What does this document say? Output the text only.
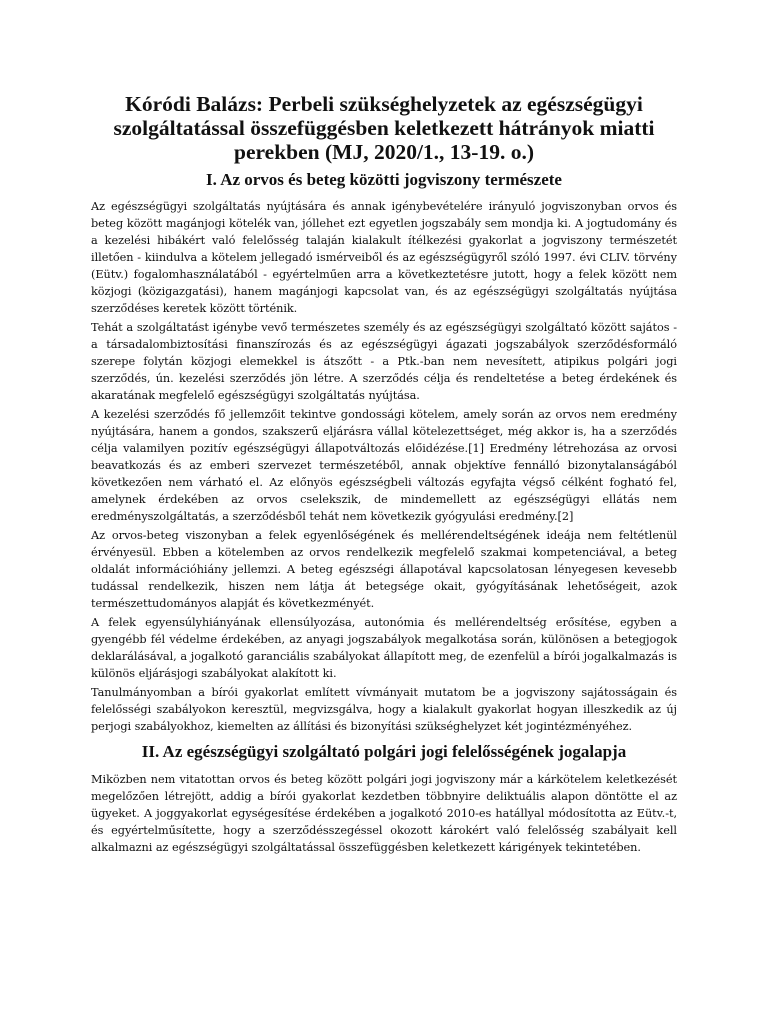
Kóródi Balázs: Perbeli szükséghelyzetek az egészségügyi szolgáltatással összefüggésben keletkezett hátrányok miatti perekben (MJ, 2020/1., 13-19. o.)
I. Az orvos és beteg közötti jogviszony természete

Az egészségügyi szolgáltatás nyújtására és annak igénybevételére irányuló jogviszonyban orvos és beteg között magánjogi kötelék van, jóllehet ezt egyetlen jogszabály sem mondja ki. A jogtudomány és a kezelési hibákért való felelősség talaján kialakult ítélkezési gyakorlat a jogviszony természetét illetően - kiindulva a kötelem jellegadó ismérveiből és az egészségügyről szóló 1997. évi CLIV. törvény (Eütv.) fogalomhasználatából - egyértelműen arra a következtetésre jutott, hogy a felek között nem közjogi (közigazgatási), hanem magánjogi kapcsolat van, és az egészségügyi szolgáltatás nyújtása szerződéses keretek között történik.

Tehát a szolgáltatást igénybe vevő természetes személy és az egészségügyi szolgáltató között sajátos - a társadalombiztosítási finanszírozás és az egészségügyi ágazati jogszabályok szerződésformáló szerepe folytán közjogi elemekkel is átszőtt - a Ptk.-ban nem nevesített, atipikus polgári jogi szerződés, ún. kezelési szerződés jön létre. A szerződés célja és rendeltetése a beteg érdekének és akaratának megfelelő egészségügyi szolgáltatás nyújtása.

A kezelési szerződés fő jellemzőit tekintve gondossági kötelem, amely során az orvos nem eredmény nyújtására, hanem a gondos, szakszerű eljárásra vállal kötelezettséget, még akkor is, ha a szerződés célja valamilyen pozitív egészségügyi állapotváltozás előidézése.[1] Eredmény létrehozása az orvosi beavatkozás és az emberi szervezet természetéből, annak objektíve fennálló bizonytalanságából következően nem várható el. Az előnyös egészségbeli változás egyfajta végső célként fogható fel, amelynek érdekében az orvos cselekszik, de mindemellett az egészségügyi ellátás nem eredményszolgáltatás, a szerződésből tehát nem következik gyógyulási eredmény.[2]

Az orvos-beteg viszonyban a felek egyenlőségének és mellérendeltségének ideája nem feltétlenül érvényesül. Ebben a kötelemben az orvos rendelkezik megfelelő szakmai kompetenciával, a beteg oldalát információhiány jellemzi. A beteg egészségi állapotával kapcsolatosan lényegesen kevesebb tudással rendelkezik, hiszen nem látja át betegsége okait, gyógyításának lehetőségeit, azok természettudományos alapját és következményét.

A felek egyensúlyhiányának ellensúlyozása, autonómia és mellérendeltség erősítése, egyben a gyengébb fél védelme érdekében, az anyagi jogszabályok megalkotása során, különösen a betegjogok deklarálásával, a jogalkotó garanciális szabályokat állapított meg, de ezenfelül a bírói jogalkalmazás is különös eljárásjogi szabályokat alakított ki.

Tanulmányomban a bírói gyakorlat említett vívmányait mutatom be a jogviszony sajátosságain és felelősségi szabályokon keresztül, megvizsgálva, hogy a kialakult gyakorlat hogyan illeszkedik az új perjogi szabályokhoz, kiemelten az állítási és bizonyítási szükséghelyzet két jogintézményéhez.

II. Az egészségügyi szolgáltató polgári jogi felelősségének jogalapja

Miközben nem vitatottan orvos és beteg között polgári jogi jogviszony már a kárkötelem keletkezését megelőzően létrejött, addig a bírói gyakorlat kezdetben többnyire deliktuális alapon döntötte el az ügyeket. A joggyakorlat egységesítése érdekében a jogalkotó 2010-es hatállyal módosította az Eütv.-t, és egyértelműsítette, hogy a szerződésszegéssel okozott károkért való felelősség szabályait kell alkalmazni az egészségügyi szolgáltatással összefüggésben keletkezett kárigények tekintetében.
